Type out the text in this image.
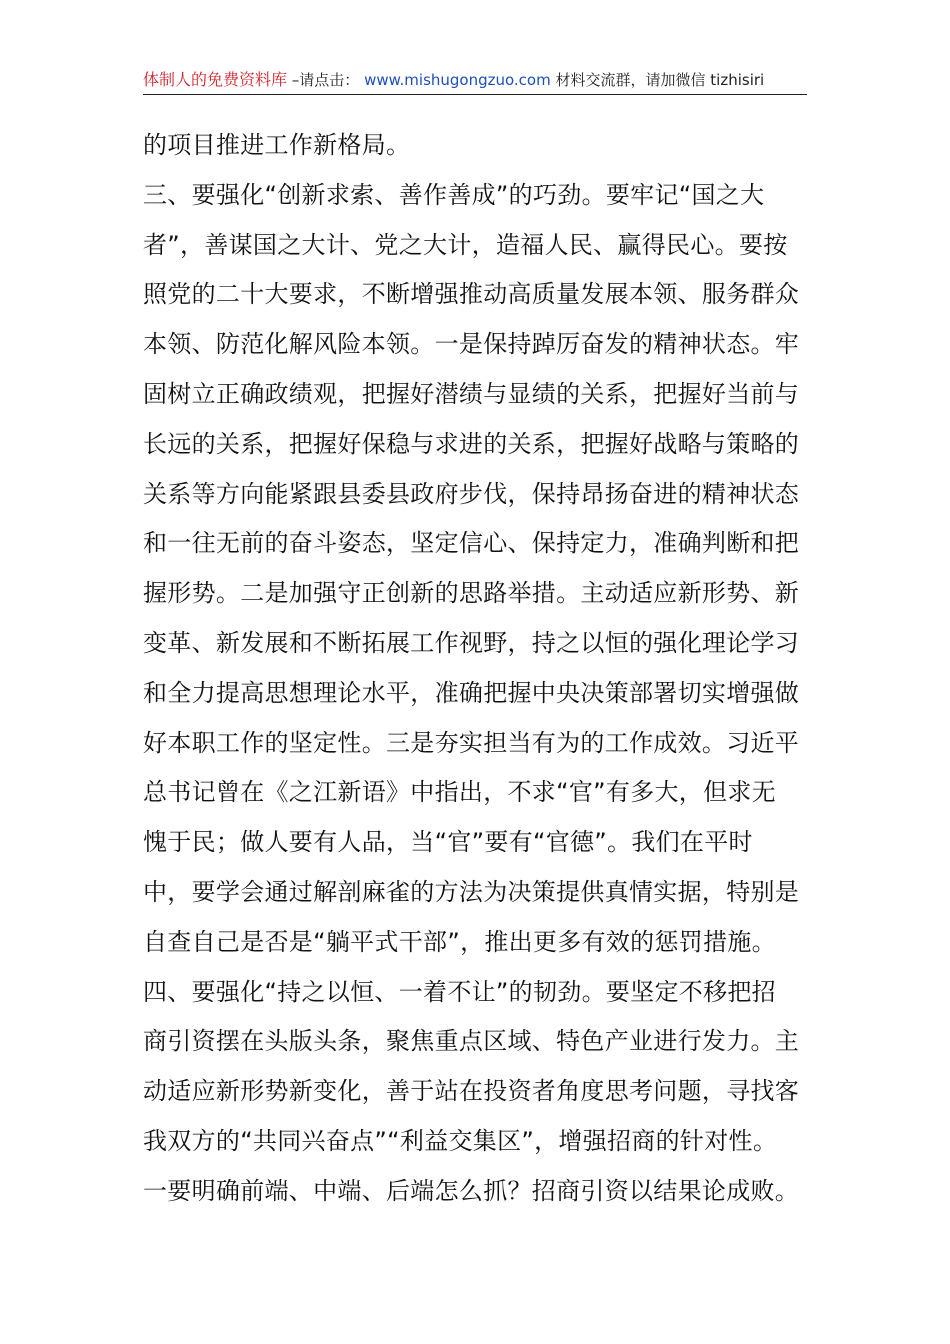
体制人的免费资料库 –请点击： www.mishugongzuo.com 材料交流群，请加微信 tizhisiri
的项目推进工作新格局。
三、要强化“创新求索、善作善成”的巧劲。要牢记“国之大
者”，善谋国之大计、党之大计，造福人民、赢得民心。要按
照党的二十大要求，不断增强推动高质量发展本领、服务群众
本领、防范化解风险本领。一是保持踔厉奋发的精神状态。牢
固树立正确政绩观，把握好潜绩与显绩的关系，把握好当前与
长远的关系，把握好保稳与求进的关系，把握好战略与策略的
关系等方向能紧跟县委县政府步伐，保持昂扬奋进的精神状态
和一往无前的奋斗姿态，坚定信心、保持定力，准确判断和把
握形势。二是加强守正创新的思路举措。主动适应新形势、新
变革、新发展和不断拓展工作视野，持之以恒的强化理论学习
和全力提高思想理论水平，准确把握中央决策部署切实增强做
好本职工作的坚定性。三是夯实担当有为的工作成效。习近平
总书记曾在《之江新语》中指出，不求“官”有多大，但求无
愧于民；做人要有人品，当“官”要有“官德”。我们在平时
中，要学会通过解剖麻雀的方法为决策提供真情实据，特别是
自查自己是否是“躺平式干部”，推出更多有效的惩罚措施。
四、要强化“持之以恒、一着不让”的韧劲。要坚定不移把招
商引资摆在头版头条，聚焦重点区域、特色产业进行发力。主
动适应新形势新变化，善于站在投资者角度思考问题，寻找客
我双方的“共同兴奋点”“利益交集区”，增强招商的针对性。
一要明确前端、中端、后端怎么抓？招商引资以结果论成败。
